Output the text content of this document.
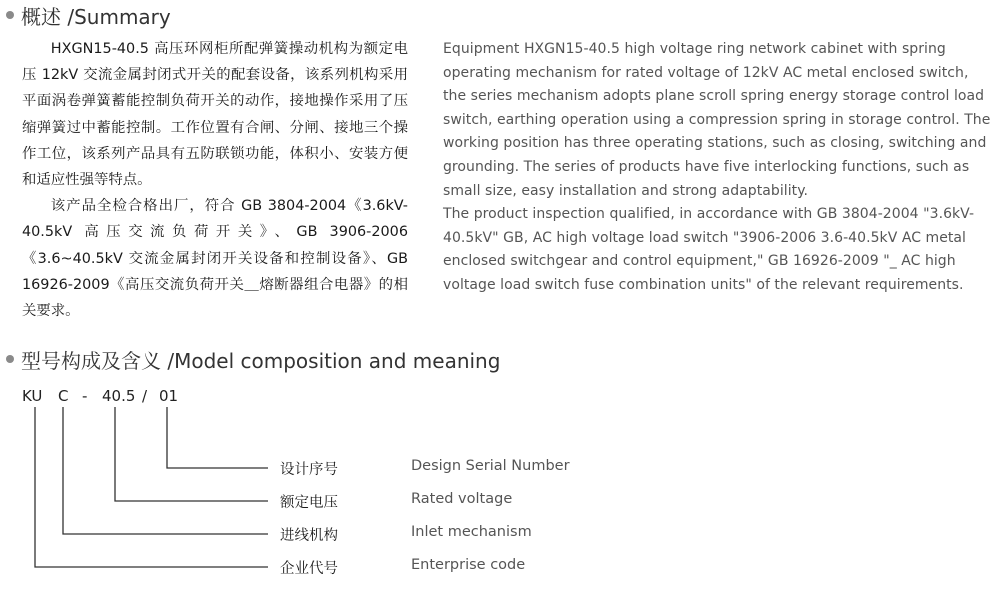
概述 /Summary

HXGN15-40.5 高压环网柜所配弹簧操动机构为额定电压 12kV 交流金属封闭式开关的配套设备，该系列机构采用平面涡卷弹簧蓄能控制负荷开关的动作，接地操作采用了压缩弹簧过中蓄能控制。工作位置有合闸、分闸、接地三个操作工位，该系列产品具有五防联锁功能，体积小、安装方便和适应性强等特点。

该产品全检合格出厂，符合 GB 3804-2004《3.6kV-40.5kV 高压交流负荷开关》、GB 3906-2006《3.6~40.5kV 交流金属封闭开关设备和控制设备》、GB 16926-2009《高压交流负荷开关＿熔断器组合电器》的相关要求。

Equipment HXGN15-40.5 high voltage ring network cabinet with spring operating mechanism for rated voltage of 12kV AC metal enclosed switch, the series mechanism adopts plane scroll spring energy storage control load switch, earthing operation using a compression spring in storage control. The working position has three operating stations, such as closing, switching and grounding. The series of products have five interlocking functions, such as small size, easy installation and strong adaptability.

The product inspection qualified, in accordance with GB 3804-2004 "3.6kV-40.5kV" GB, AC high voltage load switch "3906-2006 3.6-40.5kV AC metal enclosed switchgear and control equipment," GB 16926-2009 "_ AC high voltage load switch fuse combination units" of the relevant requirements.

型号构成及含义 /Model composition and meaning

KU

C

-

40.5

/

01

设计序号	Design Serial Number
额定电压	Rated voltage
进线机构	Inlet mechanism
企业代号	Enterprise code
